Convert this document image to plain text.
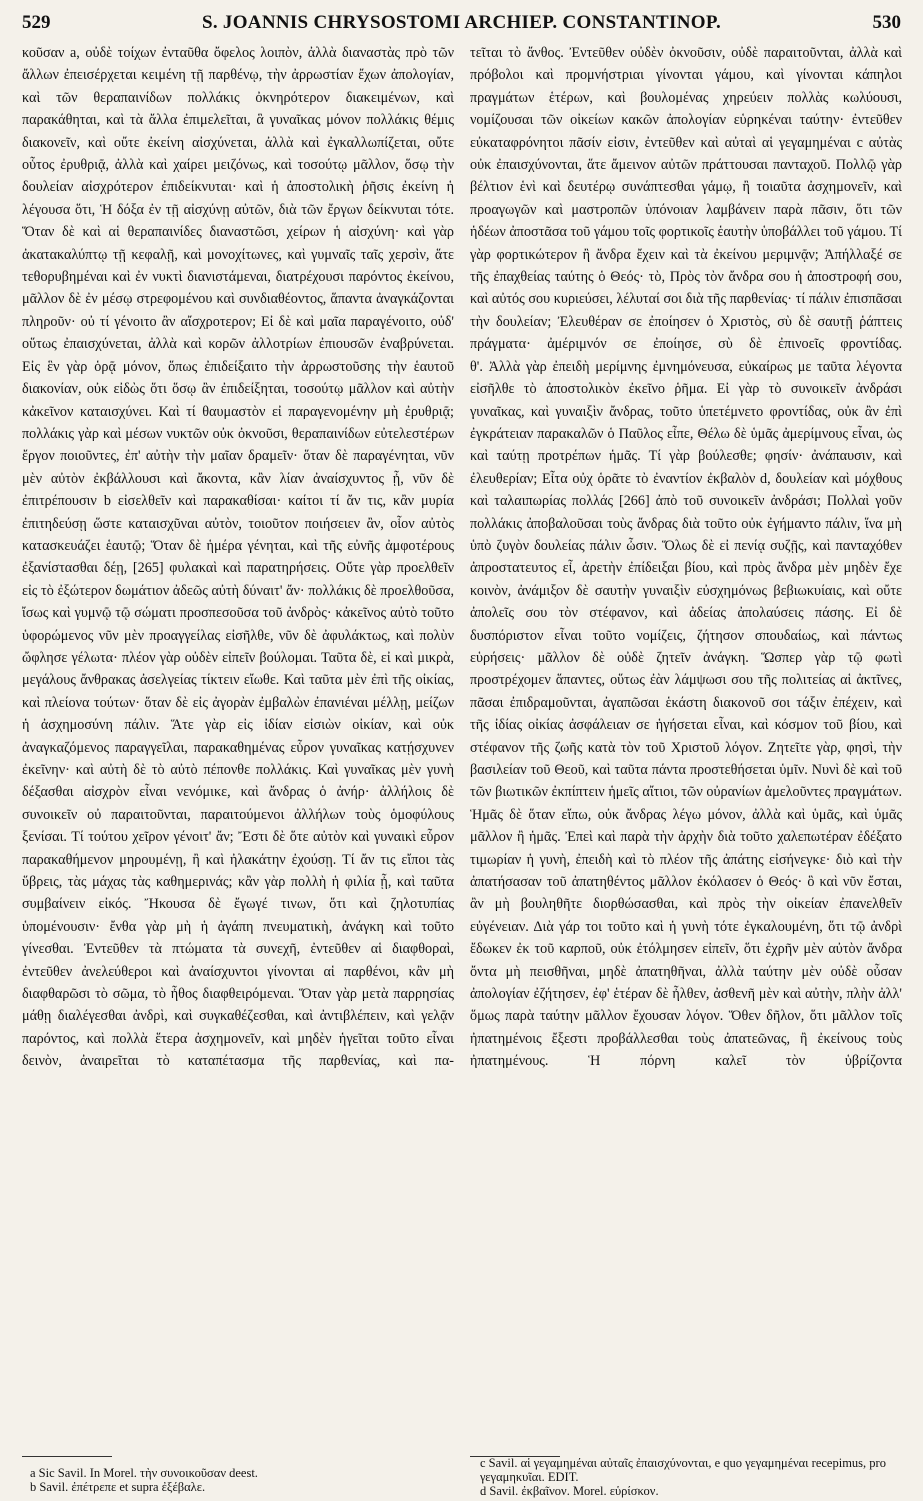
529	S. JOANNIS CHRYSOSTOMI ARCHIEP. CONSTANTINOP.	530

κοῦσαν a, οὐδὲ τοίχων ἐνταῦθα ὄφελος λοιπὸν, ἀλλὰ διαναστὰς πρὸ τῶν ἄλλων ἐπεισέρχεται κειμένη τῇ παρθένῳ, τὴν ἀρρωστίαν ἔχων ἀπολογίαν, καὶ τῶν θεραπαινίδων πολλάκις ὀκνηρότερον διακειμένων, καὶ παρακάθηται, καὶ τὰ ἄλλα ἐπιμελεῖται, ἃ γυναῖκας μόνον πολλάκις θέμις διακονεῖν, καὶ οὔτε ἐκείνη αἰσχύνεται, ἀλλὰ καὶ ἐγκαλλωπίζεται, οὔτε οὗτος ἐρυθριᾷ, ἀλλὰ καὶ χαίρει μειζόνως, καὶ τοσούτῳ μᾶλλον, ὅσῳ τὴν δουλείαν αἰσχρότερον ἐπιδείκνυται· καὶ ἡ ἀποστολικὴ ῥῆσις ἐκείνη ἡ λέγουσα ὅτι, Ἡ δόξα ἐν τῇ αἰσχύνῃ αὐτῶν, διὰ τῶν ἔργων δείκνυται τότε. Ὅταν δὲ καὶ αἱ θεραπαινίδες διαναστῶσι, χείρων ἡ αἰσχύνη· καὶ γὰρ ἀκατακαλύπτῳ τῇ κεφαλῇ, καὶ μονοχίτωνες, καὶ γυμναῖς ταῖς χερσὶν, ἅτε τεθορυβημέναι καὶ ἐν νυκτὶ διανιστάμεναι, διατρέχουσι παρόντος ἐκείνου, μᾶλλον δὲ ἐν μέσῳ στρεφομένου καὶ συνδιαθέοντος, ἅπαντα ἀναγκάζονται πληροῦν· οὐ τί γένοιτο ἂν αἴσχροτερον; Εἰ δὲ καὶ μαῖα παραγένοιτο, οὐδ' οὕτως ἐπαισχύνεται, ἀλλὰ καὶ κορῶν ἀλλοτρίων ἐπιουσῶν ἐναβρύνεται. Εἰς ἓν γὰρ ὁρᾷ μόνον, ὅπως ἐπιδείξαιτο τὴν ἀρρωστοῦσης τὴν ἑαυτοῦ διακονίαν, οὐκ εἰδὼς ὅτι ὅσῳ ἂν ἐπιδείξηται, τοσούτῳ μᾶλλον καὶ αὐτὴν κἀκεῖνον καταισχύνει. Καὶ τί θαυμαστὸν εἰ παραγενομένην μὴ ἐρυθριᾷ; πολλάκις γὰρ καὶ μέσων νυκτῶν οὐκ ὀκνοῦσι, θεραπαινίδων εὐτελεστέρων ἔργον ποιοῦντες, ἐπ' αὐτὴν τὴν μαῖαν δραμεῖν· ὅταν δὲ παραγένηται, νῦν μὲν αὐτὸν ἐκβάλλουσι καὶ ἄκοντα, κἂν λίαν ἀναίσχυντος ᾖ, νῦν δὲ ἐπιτρέπουσιν b εἰσελθεῖν καὶ παρακαθίσαι· καίτοι τί ἄν τις, κἂν μυρία ἐπιτηδεύσῃ ὥστε καταισχῦναι αὐτὸν, τοιοῦτον ποιήσειεν ἂν, οἷον αὐτὸς κατασκευάζει ἑαυτῷ; Ὅταν δὲ ἡμέρα γένηται, καὶ τῆς εὐνῆς ἀμφοτέρους ἐξανίστασθαι δέῃ, [265] φυλακαὶ καὶ παρατηρήσεις. Οὔτε γὰρ προελθεῖν εἰς τὸ ἐξώτερον δωμάτιον ἀδεῶς αὐτὴ δύναιτ' ἄν· πολλάκις δὲ προελθοῦσα, ἴσως καὶ γυμνῷ τῷ σώματι προσπεσοῦσα τοῦ ἀνδρὸς· κἀκεῖνος αὐτὸ τοῦτο ὑφορώμενος νῦν μὲν προαγγείλας εἰσῆλθε, νῦν δὲ ἀφυλάκτως, καὶ πολὺν ὤφλησε γέλωτα· πλέον γὰρ οὐδὲν εἰπεῖν βούλομαι. Ταῦτα δὲ, εἰ καὶ μικρὰ, μεγάλους ἄνθρακας ἀσελγείας τίκτειν εἴωθε. Καὶ ταῦτα μὲν ἐπὶ τῆς οἰκίας, καὶ πλείονα τούτων· ὅταν δὲ εἰς ἀγορὰν ἐμβαλὼν ἐπανιέναι μέλλῃ, μείζων ἡ ἀσχημοσύνη πάλιν. Ἅτε γὰρ εἰς ἰδίαν εἰσιὼν οἰκίαν, καὶ οὐκ ἀναγκαζόμενος παραγγεῖλαι, παρακαθημένας εὗρον γυναῖκας κατῄσχυνεν ἐκεῖνην· καὶ αὐτὴ δὲ τὸ αὐτὸ πέπονθε πολλάκις. Καὶ γυναῖκας μὲν γυνὴ δέξασθαι αἰσχρὸν εἶναι νενόμικε, καὶ ἄνδρας ὁ ἀνήρ· ἀλλήλοις δὲ συνοικεῖν οὐ παραιτοῦνται, παραιτούμενοι ἀλλήλων τοὺς ὁμοφύλους ξενίσαι. Τί τούτου χεῖρον γένοιτ' ἄν; Ἔστι δὲ ὅτε αὐτὸν καὶ γυναικὶ εὗρον παρακαθήμενον μηρουμένῃ, ἢ καὶ ἠλακάτην ἐχούσῃ. Τί ἄν τις εἴποι τὰς ὕβρεις, τὰς μάχας τὰς καθημερινάς; κἂν γὰρ πολλὴ ἡ φιλία ᾖ, καὶ ταῦτα συμβαίνειν εἰκός. Ἤκουσα δὲ ἔγωγέ τινων, ὅτι καὶ ζηλοτυπίας ὑπομένουσιν· ἔνθα γὰρ μὴ ἡ ἀγάπη πνευματικὴ, ἀνάγκη καὶ τοῦτο γίνεσθαι. Ἐντεῦθεν τὰ πτώματα τὰ συνεχῆ, ἐντεῦθεν αἱ διαφθοραὶ, ἐντεῦθεν ἀνελεύθεροι καὶ ἀναίσχυντοι γίνονται αἱ παρθένοι, κἂν μὴ διαφθαρῶσι τὸ σῶμα, τὸ ἦθος διαφθειρόμεναι. Ὅταν γὰρ μετὰ παρρησίας μάθῃ διαλέγεσθαι ἀνδρὶ, καὶ συγκαθέζεσθαι, καὶ ἀντιβλέπειν, καὶ γελᾷν παρόντος, καὶ πολλὰ ἕτερα ἀσχημονεῖν, καὶ μηδὲν ἡγεῖται τοῦτο εἶναι δεινὸν, ἀναιρεῖται τὸ καταπέτασμα τῆς παρθενίας, καὶ πα-

τεῖται τὸ ἄνθος. Ἐντεῦθεν οὐδὲν ὀκνοῦσιν, οὐδὲ παραιτοῦνται, ἀλλὰ καὶ πρόβολοι καὶ προμνήστριαι γίνονται γάμου, καὶ γίνονται κάπηλοι πραγμάτων ἑτέρων, καὶ βουλομένας χηρεύειν πολλὰς κωλύουσι, νομίζουσαι τῶν οἰκείων κακῶν ἀπολογίαν εὑρηκέναι ταύτην· ἐντεῦθεν εὐκαταφρόνητοι πᾶσίν εἰσιν, ἐντεῦθεν καὶ αὐταὶ αἱ γεγαμημέναι c αὐτὰς οὐκ ἐπαισχύνονται, ἅτε ἄμεινον αὐτῶν πράττουσαι πανταχοῦ. Πολλῷ γὰρ βέλτιον ἑνὶ καὶ δευτέρῳ συνάπτεσθαι γάμῳ, ἢ τοιαῦτα ἀσχημονεῖν, καὶ προαγωγῶν καὶ μαστροπῶν ὑπόνοιαν λαμβάνειν παρὰ πᾶσιν, ὅτι τῶν ἡδέων ἀποστᾶσα τοῦ γάμου τοῖς φορτικοῖς ἑαυτὴν ὑποβάλλει τοῦ γάμου. Τί γὰρ φορτικώτερον ἢ ἄνδρα ἔχειν καὶ τὰ ἐκείνου μεριμνᾷν; Ἀπήλλαξέ σε τῆς ἐπαχθείας ταύτης ὁ Θεός· τὸ, Πρὸς τὸν ἄνδρα σου ἡ ἀποστροφή σου, καὶ αὐτός σου κυριεύσει, λέλυταί σοι διὰ τῆς παρθενίας· τί πάλιν ἐπισπᾶσαι τὴν δουλείαν; Ἐλευθέραν σε ἐποίησεν ὁ Χριστὸς, σὺ δὲ σαυτῇ ῥάπτεις πράγματα· ἀμέριμνόν σε ἐποίησε, σὺ δὲ ἐπινοεῖς φροντίδας.

θ'. Ἀλλὰ γὰρ ἐπειδὴ μερίμνης ἐμνημόνευσα, εὐκαίρως με ταῦτα λέγοντα εἰσῆλθε τὸ ἀποστολικὸν ἐκεῖνο ῥῆμα. Εἰ γὰρ τὸ συνοικεῖν ἀνδράσι γυναῖκας, καὶ γυναιξὶν ἄνδρας, τοῦτο ὑπετέμνετο φροντίδας, οὐκ ἂν ἐπὶ ἐγκράτειαν παρακαλῶν ὁ Παῦλος εἶπε, Θέλω δὲ ὑμᾶς ἀμερίμνους εἶναι, ὡς καὶ ταύτῃ προτρέπων ἡμᾶς. Τί γὰρ βούλεσθε; φησίν· ἀνάπαυσιν, καὶ ἐλευθερίαν; Εἶτα οὐχ ὁρᾶτε τὸ ἐναντίον ἐκβαλὸν d, δουλείαν καὶ μόχθους καὶ ταλαιπωρίας πολλάς [266] ἀπὸ τοῦ συνοικεῖν ἀνδράσι; Πολλαὶ γοῦν πολλάκις ἀποβαλοῦσαι τοὺς ἄνδρας διὰ τοῦτο οὐκ ἐγήμαντο πάλιν, ἵνα μὴ ὑπὸ ζυγὸν δουλείας πάλιν ὦσιν. Ὅλως δὲ εἰ πενίᾳ συζῇς, καὶ πανταχόθεν ἀπροστατευτος εἶ, ἀρετὴν ἐπίδειξαι βίου, καὶ πρὸς ἄνδρα μὲν μηδὲν ἔχε κοινὸν, ἀνάμιξον δὲ σαυτὴν γυναιξὶν εὐσχημόνως βεβιωκυίαις, καὶ οὔτε ἀπολεῖς σου τὸν στέφανον, καὶ ἀδείας ἀπολαύσεις πάσης. Εἰ δὲ δυσπόριστον εἶναι τοῦτο νομίζεις, ζήτησον σπουδαίως, καὶ πάντως εὑρήσεις· μᾶλλον δὲ οὐδὲ ζητεῖν ἀνάγκη. Ὥσπερ γὰρ τῷ φωτὶ προστρέχομεν ἅπαντες, οὕτως ἐὰν λάμψωσι σου τῆς πολιτείας αἱ ἀκτῖνες, πᾶσαι ἐπιδραμοῦνται, ἀγαπῶσαι ἑκάστη διακονοῦ σοι τάξιν ἐπέχειν, καὶ τῆς ἰδίας οἰκίας ἀσφάλειαν σε ἡγήσεται εἶναι, καὶ κόσμον τοῦ βίου, καὶ στέφανον τῆς ζωῆς κατὰ τὸν τοῦ Χριστοῦ λόγον. Ζητεῖτε γὰρ, φησὶ, τὴν βασιλείαν τοῦ Θεοῦ, καὶ ταῦτα πάντα προστεθήσεται ὑμῖν. Νυνὶ δὲ καὶ τοῦ τῶν βιωτικῶν ἐκπίπτειν ἡμεῖς αἴτιοι, τῶν οὐρανίων ἀμελοῦντες πραγμάτων. Ἡμᾶς δὲ ὅταν εἴπω, οὐκ ἄνδρας λέγω μόνον, ἀλλὰ καὶ ὑμᾶς, καὶ ὑμᾶς μᾶλλον ἢ ἡμᾶς. Ἐπεὶ καὶ παρὰ τὴν ἀρχὴν διὰ τοῦτο χαλεπωτέραν ἐδέξατο τιμωρίαν ἡ γυνὴ, ἐπειδὴ καὶ τὸ πλέον τῆς ἀπάτης εἰσήνεγκε· διὸ καὶ τὴν ἀπατήσασαν τοῦ ἀπατηθέντος μᾶλλον ἐκόλασεν ὁ Θεός· ὃ καὶ νῦν ἔσται, ἂν μὴ βουληθῆτε διορθώσασθαι, καὶ πρὸς τὴν οἰκείαν ἐπανελθεῖν εὐγένειαν. Διὰ γάρ τοι τοῦτο καὶ ἡ γυνὴ τότε ἐγκαλουμένη, ὅτι τῷ ἀνδρὶ ἔδωκεν ἐκ τοῦ καρποῦ, οὐκ ἐτόλμησεν εἰπεῖν, ὅτι ἐχρῆν μὲν αὐτὸν ἄνδρα ὄντα μὴ πεισθῆναι, μηδὲ ἀπατηθῆναι, ἀλλὰ ταύτην μὲν οὐδὲ οὖσαν ἀπολογίαν ἐζήτησεν, ἐφ' ἑτέραν δὲ ἦλθεν, ἀσθενῆ μὲν καὶ αὐτὴν, πλὴν ἀλλ' ὅμως παρὰ ταύτην μᾶλλον ἔχουσαν λόγον. Ὅθεν δῆλον, ὅτι μᾶλλον τοῖς ἠπατημένοις ἔξεστι προβάλλεσθαι τοὺς ἀπατεῶνας, ἢ ἐκείνους τοὺς ἠπατημένους. Ἡ πόρνη καλεῖ τὸν ὑβρίζοντα

a Sic Savil. In Morel. τὴν συνοικοῦσαν deest.
b Savil. ἐπέτρεπε et supra ἐξέβαλε.
c Savil. αἱ γεγαμημέναι αὐταῖς ἐπαισχύνονται, e quo γεγαμημέναι recepimus, pro γεγαμηκυῖαι. EDIT.
d Savil. ἐκβαῖνον. Morel. εὑρίσκον.
